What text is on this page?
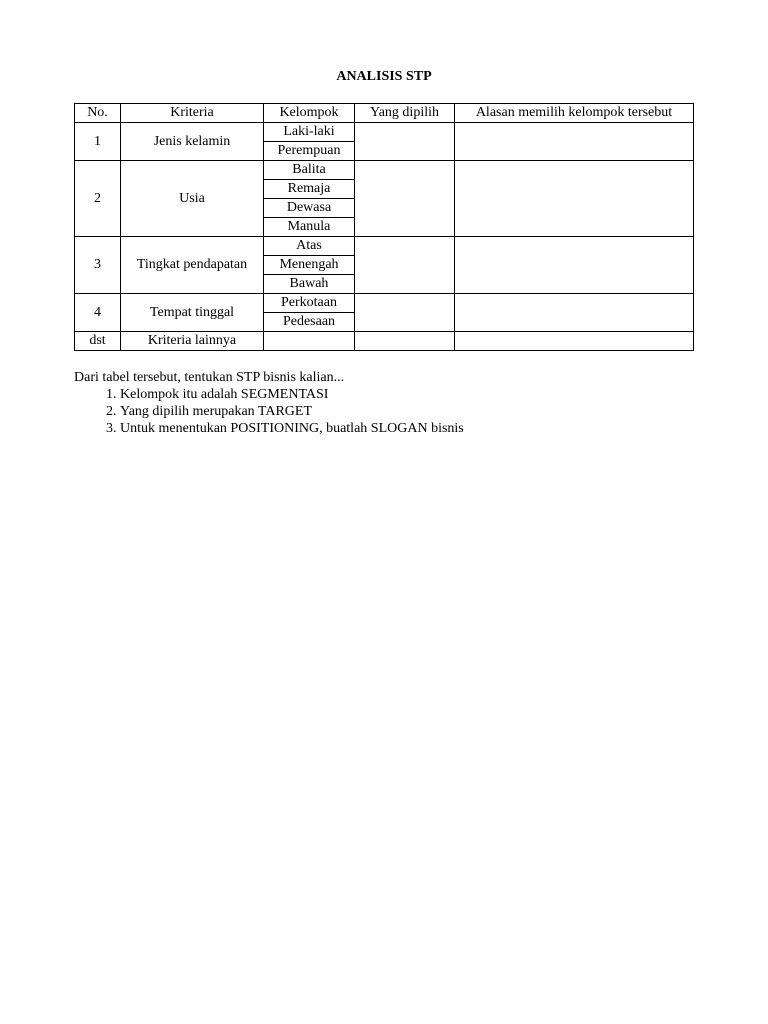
ANALISIS STP
No.	Kriteria	Kelompok	Yang dipilih	Alasan memilih kelompok tersebut
1	Jenis kelamin	Laki-laki		
		Perempuan		
2	Usia	Balita		
		Remaja		
		Dewasa		
		Manula		
3	Tingkat pendapatan	Atas		
		Menengah		
		Bawah		
4	Tempat tinggal	Perkotaan		
		Pedesaan		
dst	Kriteria lainnya			

Dari tabel tersebut, tentukan STP bisnis kalian...

1. Kelompok itu adalah SEGMENTASI
2. Yang dipilih merupakan TARGET
3. Untuk menentukan POSITIONING, buatlah SLOGAN bisnis
